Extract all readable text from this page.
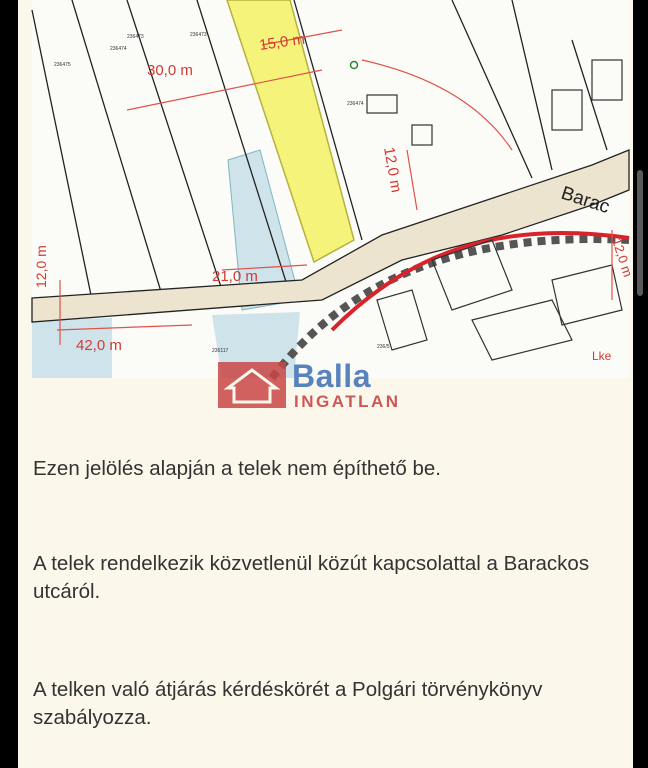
30,0 m
15,0 m
12,0 m
21,0 m
42,0 m
12,0 m	12,0 m
Lke
Barac
236475
236474
236473
236473
236474
236117
236/5
Balla
INGATLAN

Ezen jelölés alapján a telek nem építhető be.

A telek rendelkezik közvetlenül közút kapcsolattal a Barackos utcáról.

A telken való átjárás kérdéskörét a Polgári törvénykönyv szabályozza.
